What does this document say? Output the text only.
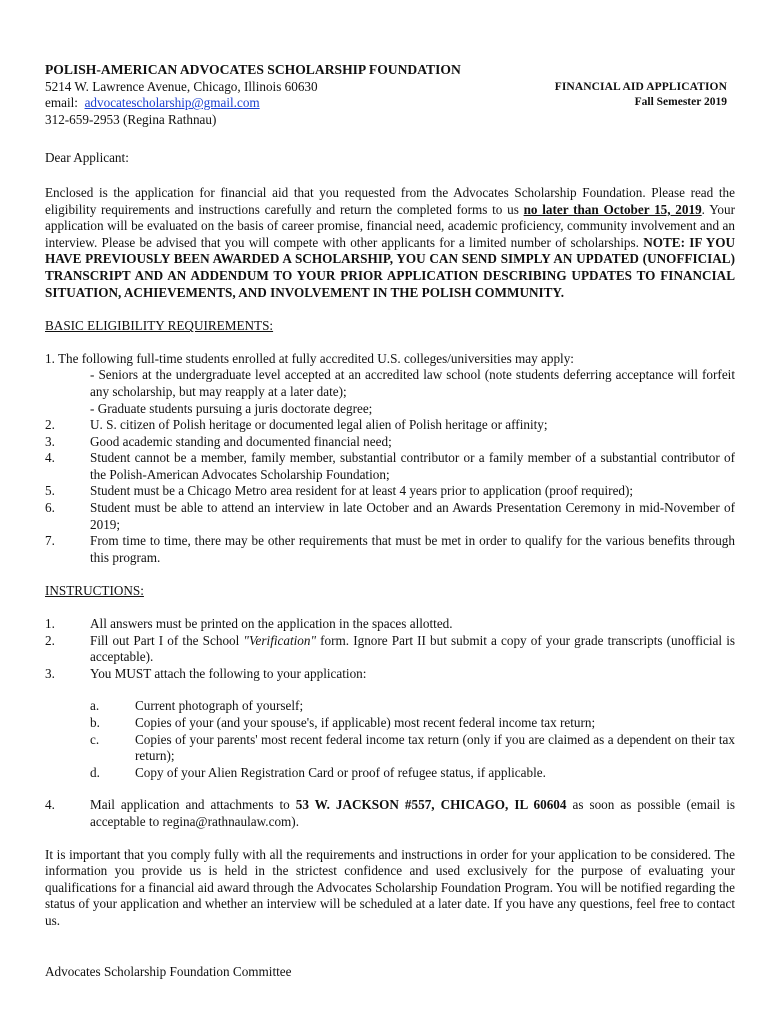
POLISH-AMERICAN ADVOCATES SCHOLARSHIP FOUNDATION
5214 W. Lawrence Avenue, Chicago, Illinois 60630
email: advocatescholarship@gmail.com
312-659-2953 (Regina Rathnau)
FINANCIAL AID APPLICATION
Fall Semester 2019
Dear Applicant:
Enclosed is the application for financial aid that you requested from the Advocates Scholarship Foundation. Please read the eligibility requirements and instructions carefully and return the completed forms to us no later than October 15, 2019. Your application will be evaluated on the basis of career promise, financial need, academic proficiency, community involvement and an interview. Please be advised that you will compete with other applicants for a limited number of scholarships. NOTE: IF YOU HAVE PREVIOUSLY BEEN AWARDED A SCHOLARSHIP, YOU CAN SEND SIMPLY AN UPDATED (UNOFFICIAL) TRANSCRIPT AND AN ADDENDUM TO YOUR PRIOR APPLICATION DESCRIBING UPDATES TO FINANCIAL SITUATION, ACHIEVEMENTS, AND INVOLVEMENT IN THE POLISH COMMUNITY.
BASIC ELIGIBILITY REQUIREMENTS:
1. The following full-time students enrolled at fully accredited U.S. colleges/universities may apply:
- Seniors at the undergraduate level accepted at an accredited law school (note students deferring acceptance will forfeit any scholarship, but may reapply at a later date);
- Graduate students pursuing a juris doctorate degree;
2.	U. S. citizen of Polish heritage or documented legal alien of Polish heritage or affinity;
3.	Good academic standing and documented financial need;
4.	Student cannot be a member, family member, substantial contributor or a family member of a substantial contributor of the Polish-American Advocates Scholarship Foundation;
5.	Student must be a Chicago Metro area resident for at least 4 years prior to application (proof required);
6.	Student must be able to attend an interview in late October and an Awards Presentation Ceremony in mid-November of 2019;
7.	From time to time, there may be other requirements that must be met in order to qualify for the various benefits through this program.
INSTRUCTIONS:
1.	All answers must be printed on the application in the spaces allotted.
2.	Fill out Part I of the School "Verification" form. Ignore Part II but submit a copy of your grade transcripts (unofficial is acceptable).
3.	You MUST attach the following to your application:
a.	Current photograph of yourself;
b.	Copies of your (and your spouse's, if applicable) most recent federal income tax return;
c.	Copies of your parents' most recent federal income tax return (only if you are claimed as a dependent on their tax return);
d.	Copy of your Alien Registration Card or proof of refugee status, if applicable.
4.	Mail application and attachments to 53 W. JACKSON #557, CHICAGO, IL 60604 as soon as possible (email is acceptable to regina@rathnaulaw.com).
It is important that you comply fully with all the requirements and instructions in order for your application to be considered. The information you provide us is held in the strictest confidence and used exclusively for the purpose of evaluating your qualifications for a financial aid award through the Advocates Scholarship Foundation Program. You will be notified regarding the status of your application and whether an interview will be scheduled at a later date. If you have any questions, feel free to contact us.
Advocates Scholarship Foundation Committee
